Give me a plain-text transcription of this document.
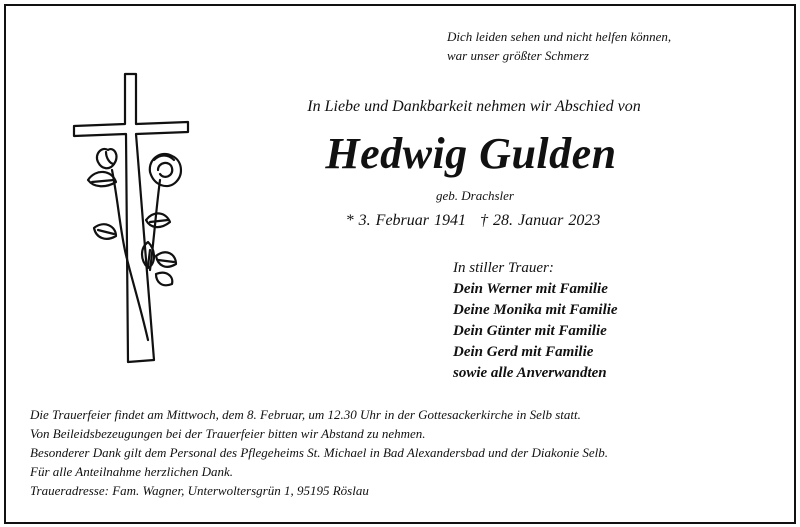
Dich leiden sehen und nicht helfen können,
war unser größter Schmerz
In Liebe und Dankbarkeit nehmen wir Abschied von
Hedwig Gulden
geb. Drachsler
* 3. Februar 1941 † 28. Januar 2023
In stiller Trauer:
Dein Werner mit Familie
Deine Monika mit Familie
Dein Günter mit Familie
Dein Gerd mit Familie
sowie alle Anverwandten
Die Trauerfeier findet am Mittwoch, dem 8. Februar, um 12.30 Uhr in der Gottesackerkirche in Selb statt.
Von Beileidsbezeugungen bei der Trauerfeier bitten wir Abstand zu nehmen.
Besonderer Dank gilt dem Personal des Pflegeheims St. Michael in Bad Alexandersbad und der Diakonie Selb.
Für alle Anteilnahme herzlichen Dank.
Traueradresse: Fam. Wagner, Unterwoltersgrün 1, 95195 Röslau
